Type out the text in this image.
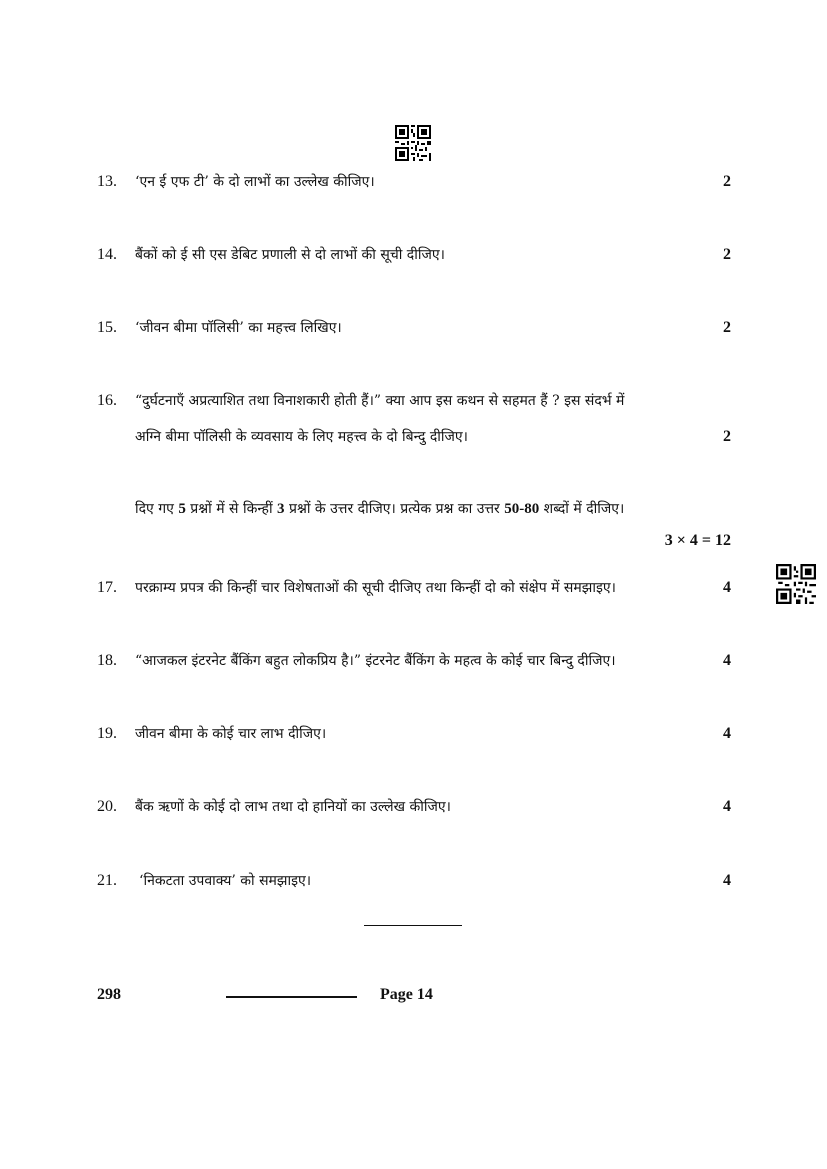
13.	‘एन ई एफ टी’ के दो लाभों का उल्लेख कीजिए।	2
14.	बैंकों को ई सी एस डेबिट प्रणाली से दो लाभों की सूची दीजिए।	2
15.	‘जीवन बीमा पॉलिसी’ का महत्त्व लिखिए।	2
16.	“दुर्घटनाएँ अप्रत्याशित तथा विनाशकारी होती हैं।” क्या आप इस कथन से सहमत हैं ? इस संदर्भ में
अग्नि बीमा पॉलिसी के व्यवसाय के लिए महत्त्व के दो बिन्दु दीजिए।	2
दिए गए 5 प्रश्नों में से किन्हीं 3 प्रश्नों के उत्तर दीजिए। प्रत्येक प्रश्न का उत्तर 50-80 शब्दों में दीजिए।
3 × 4 = 12
17.	परक्राम्य प्रपत्र की किन्हीं चार विशेषताओं की सूची दीजिए तथा किन्हीं दो को संक्षेप में समझाइए।	4
18.	“आजकल इंटरनेट बैंकिंग बहुत लोकप्रिय है।” इंटरनेट बैंकिंग के महत्व के कोई चार बिन्दु दीजिए।	4
19.	जीवन बीमा के कोई चार लाभ दीजिए।	4
20.	बैंक ऋणों के कोई दो लाभ तथा दो हानियों का उल्लेख कीजिए।	4
21.	‘निकटता उपवाक्य’ को समझाइए।	4
298	Page 14
